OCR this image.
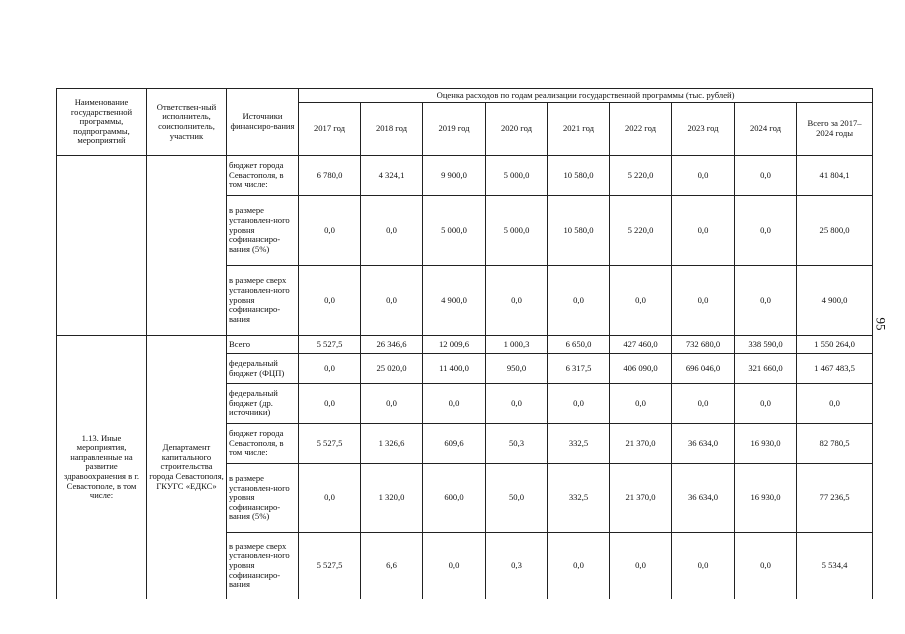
Наименование государственной программы, подпрограммы, мероприятий	Ответствен-ный исполнитель, соисполнитель, участник	Источники финансиро-вания	Оценка расходов по годам реализации государственной программы (тыс. рублей)								
			2017 год	2018 год	2019 год	2020 год	2021 год	2022 год	2023 год	2024 год	Всего за 2017–2024 годы
		бюджет города Севастополя, в том числе:	6 780,0	4 324,1	9 900,0	5 000,0	10 580,0	5 220,0	0,0	0,0	41 804,1
		в размере установлен-ного уровня софинансиро-вания (5%)	0,0	0,0	5 000,0	5 000,0	10 580,0	5 220,0	0,0	0,0	25 800,0
		в размере сверх установлен-ного уровня софинансиро-вания	0,0	0,0	4 900,0	0,0	0,0	0,0	0,0	0,0	4 900,0
1.13. Иные мероприятия, направленные на развитие здравоохранения в г. Севастополе, в том числе:	Департамент капитального строительства города Севастополя, ГКУГС «ЕДКС»	Всего	5 527,5	26 346,6	12 009,6	1 000,3	6 650,0	427 460,0	732 680,0	338 590,0	1 550 264,0
		федеральный бюджет (ФЦП)	0,0	25 020,0	11 400,0	950,0	6 317,5	406 090,0	696 046,0	321 660,0	1 467 483,5
		федеральный бюджет (др. источники)	0,0	0,0	0,0	0,0	0,0	0,0	0,0	0,0	0,0
		бюджет города Севастополя, в том числе:	5 527,5	1 326,6	609,6	50,3	332,5	21 370,0	36 634,0	16 930,0	82 780,5
		в размере установлен-ного уровня софинансиро-вания (5%)	0,0	1 320,0	600,0	50,0	332,5	21 370,0	36 634,0	16 930,0	77 236,5
		в размере сверх установлен-ного уровня софинансиро-вания	5 527,5	6,6	0,0	0,3	0,0	0,0	0,0	0,0	5 534,4
95
